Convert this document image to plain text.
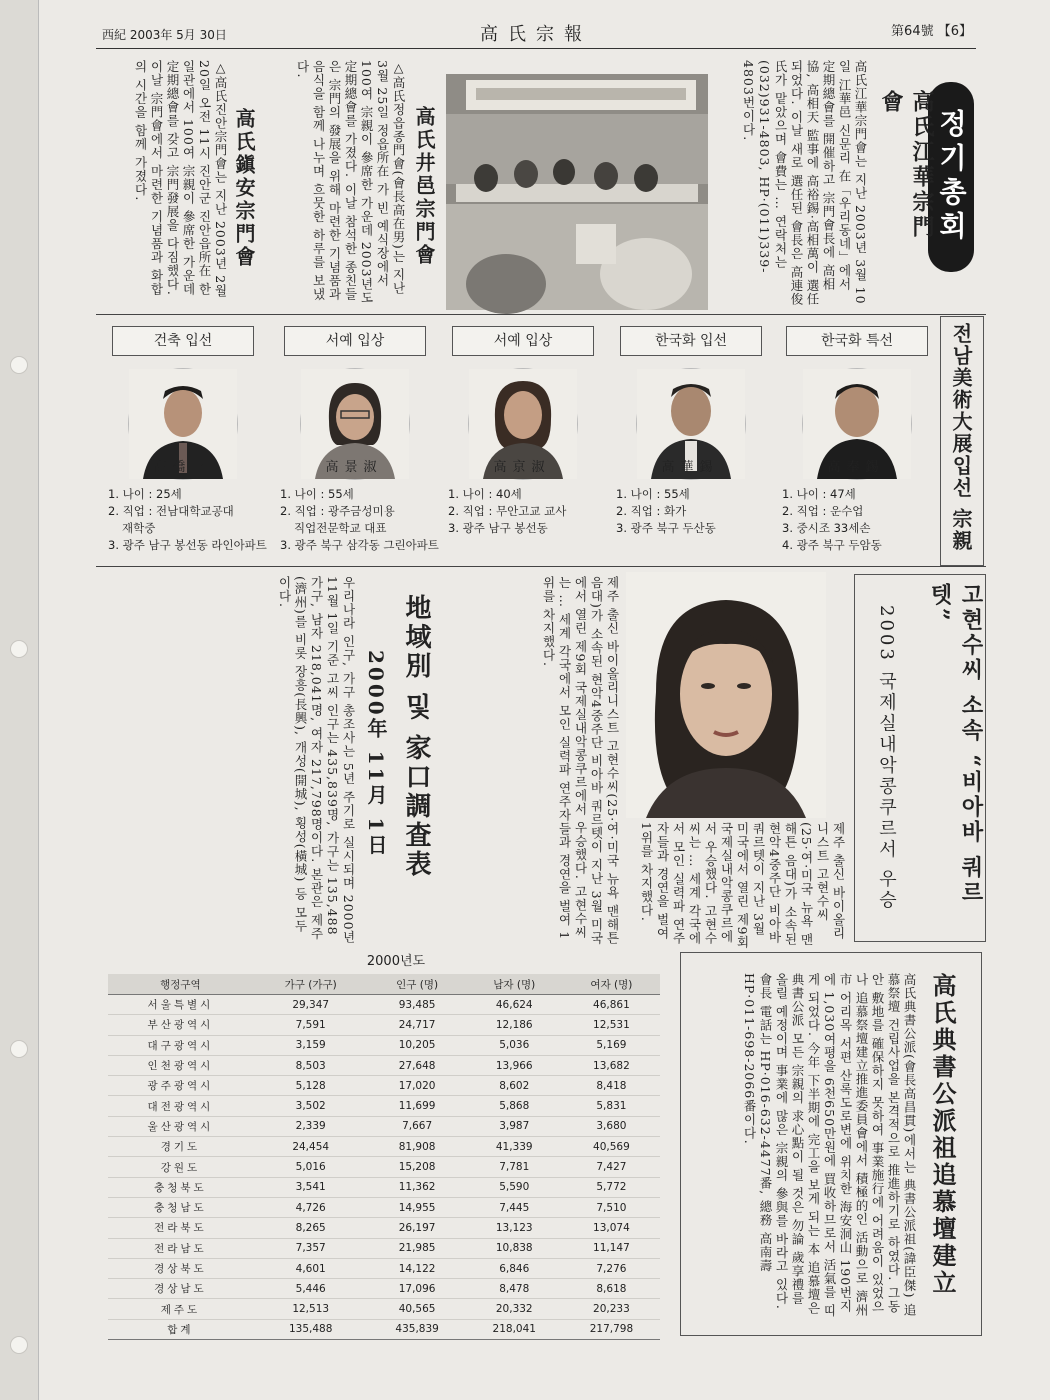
西紀 2003年 5月 30日	高氏宗報	第64號 【6】
정기총회
高氏江華宗門會
高氏江華宗門會는 지난 2003년 3월 10일 江華邑 신문리 在「우리동네」에서 定期總會를 開催하고 宗門會長에 高相協, 高相天 監事에 高裕錫·高相萬이 選任되었다. 이날 새로 選任된 會長은 高連俊 氏가 맡았으며 會費는 … 연락처는 (032)931-4803, HP·(011)339-4803번이다.
高氏井邑宗門會
△高氏정읍종門會(會長高在男)는 지난 3월 25일 정읍所在 가 빈 예식장에서 100여 宗親이 參席한 가운데 2003년도 定期總會를 가졌다. 이날 참석한 종친들은 宗門의 發展을 위해 마련한 기념품과 음식을 함께 나누며 흐뭇한 하루를 보냈다.
高氏鎭安宗門會
△高氏진안宗門會는 지난 2003년 2월 20일 오전 11시 진안군 진안읍所在 한 일관에서 100여 宗親이 參席한 가운데 定期總會를 갖고 宗門發展을 다짐했다. 이날 宗門會에서 마련한 기념품과 화합의 시간을 함께 가졌다.
전남美術大展입선 宗親
한국화 특선
高奉錫
1. 나이 : 47세
2. 직업 : 운수업
3. 중시조 33세손
4. 광주 북구 두암동
한국화 입선
高華錫
1. 나이 : 55세
2. 직업 : 화가
3. 광주 북구 두산동
서예 입상
高京淑
1. 나이 : 40세
2. 직업 : 무안고교 교사
3. 광주 남구 봉선동
서예 입상
高景淑
1. 나이 : 55세
2. 직업 : 광주금성미용
직업전문학교 대표
3. 광주 북구 삼각동 그린아파트
건축 입선
高僑一
1. 나이 : 25세
2. 직업 : 전남대학교공대
재학중
3. 광주 남구 봉선동 라인아파트
고현수씨 소속 “비아바 쿼르텟”
2003 국제실내악콩쿠르서 우승
제주 출신 바이올리니스트 고현수씨(25·여·미국 뉴욕 맨해튼 음대)가 소속된 현악4중주단 비아바 쿼르텟이 지난 3월 미국에서 열린 제9회 국제실내악콩쿠르에서 우승했다. 고현수씨는 … 세계 각국에서 모인 실력파 연주자들과 경연을 벌여 1위를 차지했다.
제주 출신 바이올리니스트 고현수씨(25·여·미국 뉴욕 맨해튼 음대)가 소속된 현악4중주단 비아바 쿼르텟이 지난 3월 미국에서 열린 제9회 국제실내악콩쿠르에서 우승했다. 고현수씨는 … 세계 각국에서 모인 실력파 연주자들과 경연을 벌여 1위를 차지했다.
地域別 및 家口調査表
2000年 11月 1日
우리나라 인구, 가구 총조사는 5년 주기로 실시되며 2000년 11월 1일 기준 고씨 인구는 435,839명, 가구는 135,488가구, 남자 218,041명, 여자 217,798명이다. 본관은 제주(濟州)를 비롯 장흥(長興), 개성(開城), 횡성(橫城) 등 모두 이다.
2000년도
행정구역	가구 (가구)	인구 (명)	남자 (명)	여자 (명)
서울특별시	29,347	93,485	46,624	46,861
부산광역시	7,591	24,717	12,186	12,531
대구광역시	3,159	10,205	5,036	5,169
인천광역시	8,503	27,648	13,966	13,682
광주광역시	5,128	17,020	8,602	8,418
대전광역시	3,502	11,699	5,868	5,831
울산광역시	2,339	7,667	3,987	3,680
경기도	24,454	81,908	41,339	40,569
강원도	5,016	15,208	7,781	7,427
충청북도	3,541	11,362	5,590	5,772
충청남도	4,726	14,955	7,445	7,510
전라북도	8,265	26,197	13,123	13,074
전라남도	7,357	21,985	10,838	11,147
경상북도	4,601	14,122	6,846	7,276
경상남도	5,446	17,096	8,478	8,618
제주도	12,513	40,565	20,332	20,233
합계	135,488	435,839	218,041	217,798
高氏典書公派祖追慕壇建立
高氏典書公派(會長高昌貫)에서는 典書公派祖(諱臣傑) 追慕祭壇 건립사업을 본격적으로 推進하기로 하였다. 그동안 敷地를 確保하지 못하여 事業施行에 어려움이 있었으나 追慕祭壇建立推進委員會에서 積極的인 活動으로 濟州市 어리목 서편 산록도로변에 위치한 海安洞山 190번지에 1,030여평을 6천650만원에 買收하므로서 活氣를 띠게 되었다. 今年 下半期에 完工을 보게 되는 本 追慕壇은 典書公派 모든 宗親의 求心點이 될 것은 勿論 歲享禮를 올릴 예정이며 事業에 많은 宗親의 參與를 바라고 있다. 會長 電話는 HP·016-632-4477番, 總務 高南壽 HP·011-698-2066番이다.
